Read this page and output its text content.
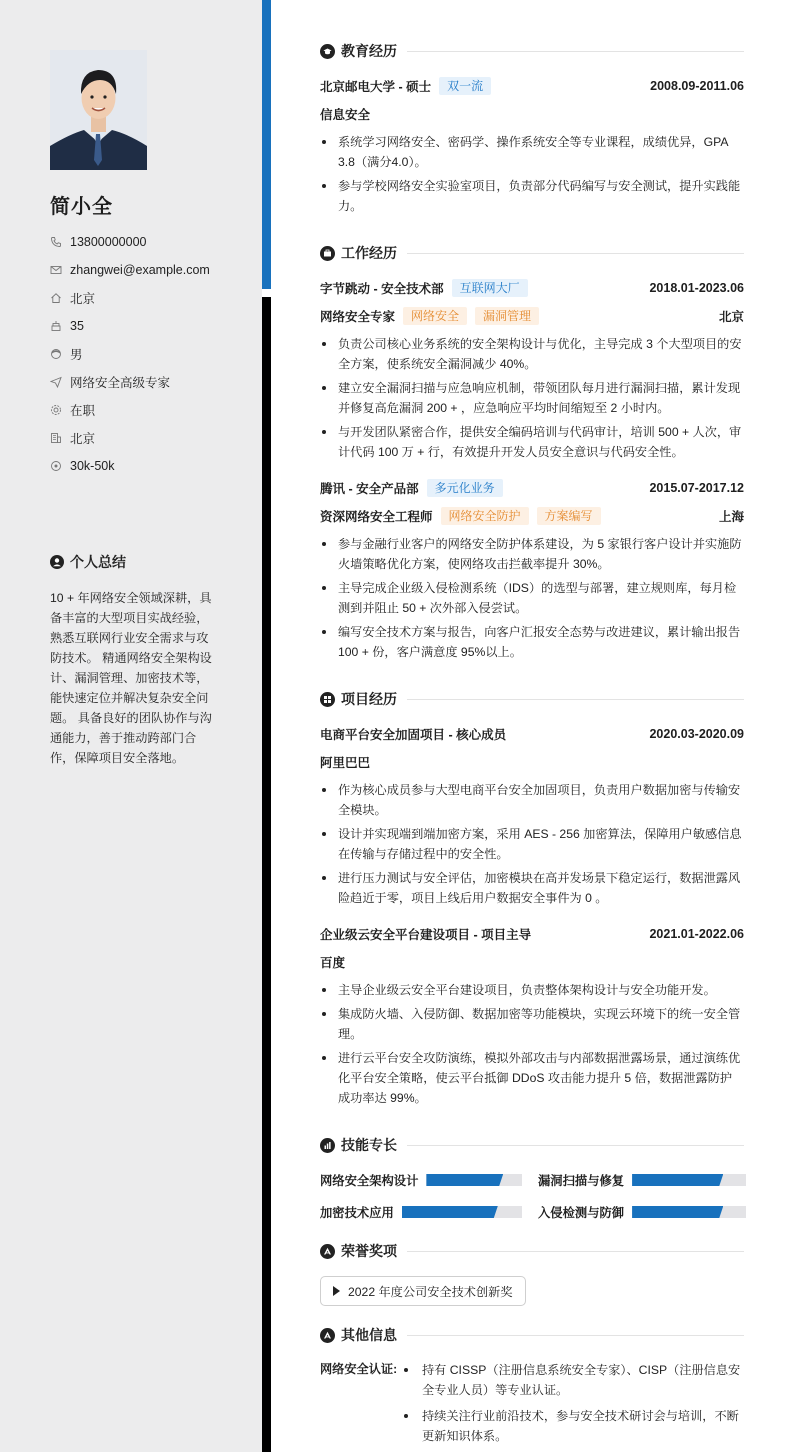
简小全
13800000000
zhangwei@example.com
北京
35
男
网络安全高级专家
在职
北京
30k-50k
个人总结
10 + 年网络安全领域深耕，具备丰富的大型项目实战经验，熟悉互联网行业安全需求与攻防技术。 精通网络安全架构设计、漏洞管理、加密技术等，能快速定位并解决复杂安全问题。 具备良好的团队协作与沟通能力，善于推动跨部门合作，保障项目安全落地。
教育经历
北京邮电大学 - 硕士	双一流	2008.09-2011.06
信息安全
系统学习网络安全、密码学、操作系统安全等专业课程，成绩优异，GPA 3.8（满分4.0）。
参与学校网络安全实验室项目，负责部分代码编写与安全测试，提升实践能力。
工作经历
字节跳动 - 安全技术部	互联网大厂	2018.01-2023.06
网络安全专家	网络安全	漏洞管理	北京
负责公司核心业务系统的安全架构设计与优化，主导完成 3 个大型项目的安全方案，使系统安全漏洞减少 40%。
建立安全漏洞扫描与应急响应机制，带领团队每月进行漏洞扫描，累计发现并修复高危漏洞 200 + ，应急响应平均时间缩短至 2 小时内。
与开发团队紧密合作，提供安全编码培训与代码审计，培训 500 + 人次，审计代码 100 万 + 行，有效提升开发人员安全意识与代码安全性。
腾讯 - 安全产品部	多元化业务	2015.07-2017.12
资深网络安全工程师	网络安全防护	方案编写	上海
参与金融行业客户的网络安全防护体系建设，为 5 家银行客户设计并实施防火墙策略优化方案，使网络攻击拦截率提升 30%。
主导完成企业级入侵检测系统（IDS）的选型与部署，建立规则库，每月检测到并阻止 50 + 次外部入侵尝试。
编写安全技术方案与报告，向客户汇报安全态势与改进建议，累计输出报告 100 + 份，客户满意度 95%以上。
项目经历
电商平台安全加固项目 - 核心成员	2020.03-2020.09
阿里巴巴
作为核心成员参与大型电商平台安全加固项目，负责用户数据加密与传输安全模块。
设计并实现端到端加密方案，采用 AES - 256 加密算法，保障用户敏感信息在传输与存储过程中的安全性。
进行压力测试与安全评估，加密模块在高并发场景下稳定运行，数据泄露风险趋近于零，项目上线后用户数据安全事件为 0 。
企业级云安全平台建设项目 - 项目主导	2021.01-2022.06
百度
主导企业级云安全平台建设项目，负责整体架构设计与安全功能开发。
集成防火墙、入侵防御、数据加密等功能模块，实现云环境下的统一安全管理。
进行云平台安全攻防演练，模拟外部攻击与内部数据泄露场景，通过演练优化平台安全策略，使云平台抵御 DDoS 攻击能力提升 5 倍，数据泄露防护成功率达 99%。
技能专长
网络安全架构设计	漏洞扫描与修复
加密技术应用	入侵检测与防御
荣誉奖项
2022 年度公司安全技术创新奖
其他信息
网络安全认证:	持有 CISSP（注册信息系统安全专家）、CISP（注册信息安全专业人员）等专业认证。
持续关注行业前沿技术，参与安全技术研讨会与培训，不断更新知识体系。
